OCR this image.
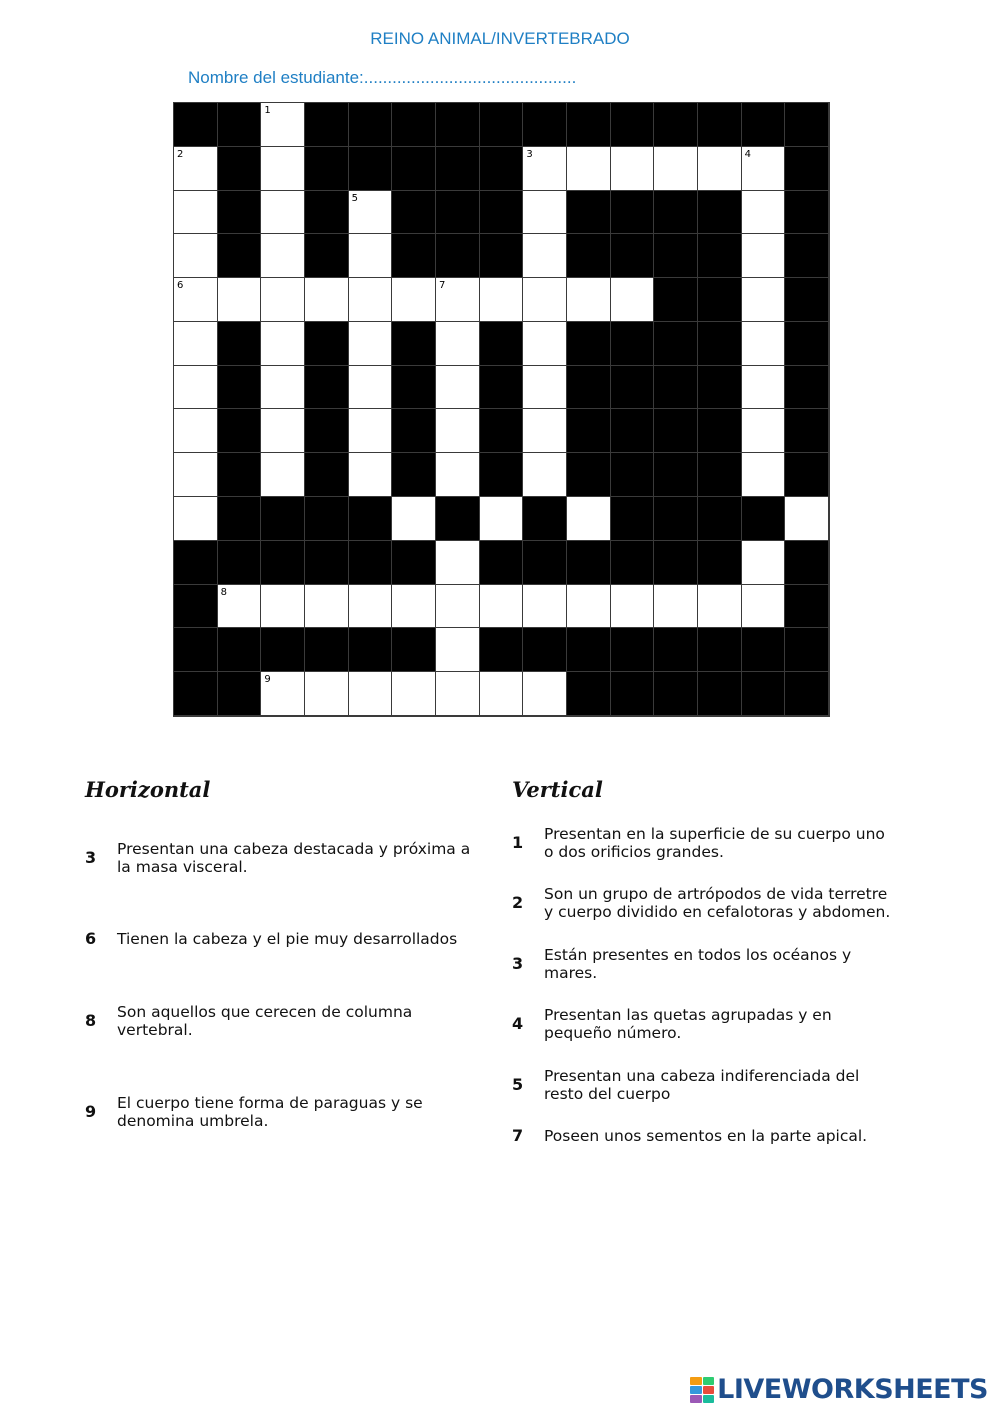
REINO ANIMAL/INVERTEBRADO
Nombre del estudiante:.............................................
1
2	3	4
5
6	7
8
9
Horizontal	Vertical
3	Presentan una cabeza destacada y próxima a
la masa visceral.
6	Tienen la cabeza y el pie muy desarrollados
8	Son aquellos que cerecen de columna
vertebral.
9	El cuerpo tiene forma de paraguas y se
denomina umbrela.
1	Presentan en la superficie de su cuerpo uno
o dos orificios grandes.
2	Son un grupo de artrópodos de vida terretre
y cuerpo dividido en cefalotoras y abdomen.
3	Están presentes en todos los océanos y
mares.
4	Presentan las quetas agrupadas y en
pequeño número.
5	Presentan una cabeza indiferenciada del
resto del cuerpo
7	Poseen unos sementos en la parte apical.
LIVEWORKSHEETS
